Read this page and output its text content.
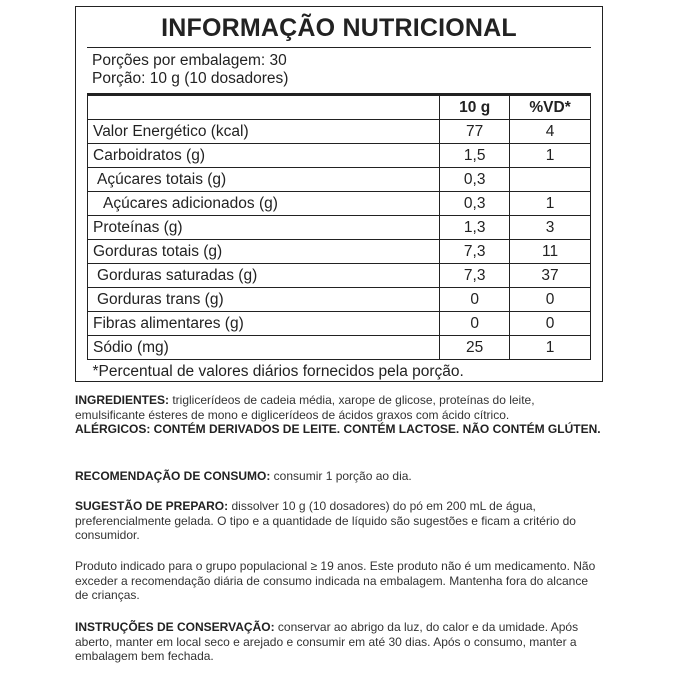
INFORMAÇÃO NUTRICIONAL
Porções por embalagem: 30
Porção: 10 g (10 dosadores)
	10 g	%VD*
Valor Energético (kcal)	77	4
Carboidratos (g)	1,5	1
Açúcares totais (g)	0,3	
Açúcares adicionados (g)	0,3	1
Proteínas (g)	1,3	3
Gorduras totais (g)	7,3	11
Gorduras saturadas (g)	7,3	37
Gorduras trans (g)	0	0
Fibras alimentares (g)	0	0
Sódio (mg)	25	1
*Percentual de valores diários fornecidos pela porção.		
INGREDIENTES: triglicerídeos de cadeia média, xarope de glicose, proteínas do leite, emulsificante ésteres de mono e diglicerídeos de ácidos graxos com ácido cítrico.
ALÉRGICOS: CONTÉM DERIVADOS DE LEITE. CONTÉM LACTOSE. NÃO CONTÉM GLÚTEN.
RECOMENDAÇÃO DE CONSUMO: consumir 1 porção ao dia.
SUGESTÃO DE PREPARO: dissolver 10 g (10 dosadores) do pó em 200 mL de água, preferencialmente gelada. O tipo e a quantidade de líquido são sugestões e ficam a critério do consumidor.
Produto indicado para o grupo populacional ≥ 19 anos. Este produto não é um medicamento. Não exceder a recomendação diária de consumo indicada na embalagem. Mantenha fora do alcance de crianças.
INSTRUÇÕES DE CONSERVAÇÃO: conservar ao abrigo da luz, do calor e da umidade. Após aberto, manter em local seco e arejado e consumir em até 30 dias. Após o consumo, manter a embalagem bem fechada.
